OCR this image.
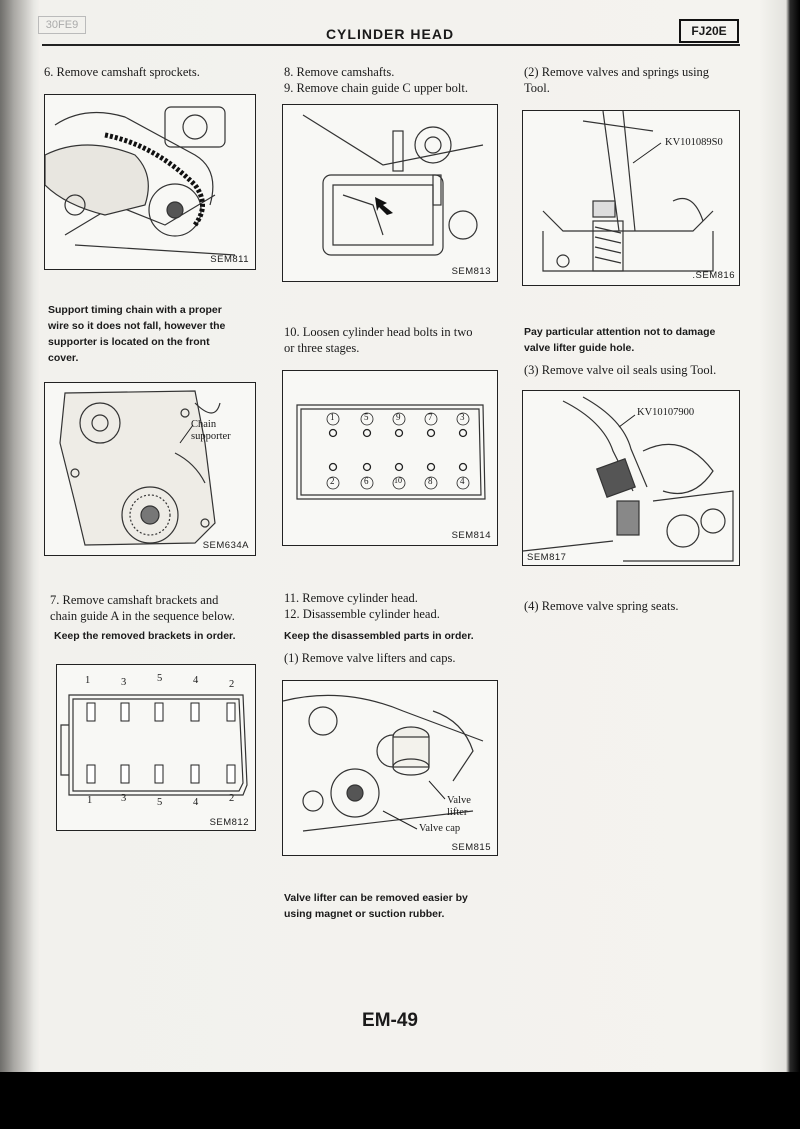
30FE9
CYLINDER HEAD	FJ20E
6. Remove camshaft sprockets.
SEM811
Support timing chain with a proper
wire so it does not fall, however the
supporter is located on the front
cover.
Chain
supporter
SEM634A
7. Remove camshaft brackets and
chain guide A in the sequence below.
Keep the removed brackets in order.
1	3	5	4	2
1	3	5	4	2
SEM812
8. Remove camshafts.
9. Remove chain guide C upper bolt.
SEM813
10. Loosen cylinder head bolts in two
or three stages.
1	5	9	7	3
2	6	10	8	4
SEM814
11. Remove cylinder head.
12. Disassemble cylinder head.
Keep the disassembled parts in order.
(1) Remove valve lifters and caps.
Valve
lifter
Valve cap
SEM815
Valve lifter can be removed easier by
using magnet or suction rubber.
(2) Remove valves and springs using
Tool.
KV101089S0
.SEM816
Pay particular attention not to damage
valve lifter guide hole.
(3) Remove valve oil seals using Tool.
KV10107900
SEM817
(4) Remove valve spring seats.
EM-49
